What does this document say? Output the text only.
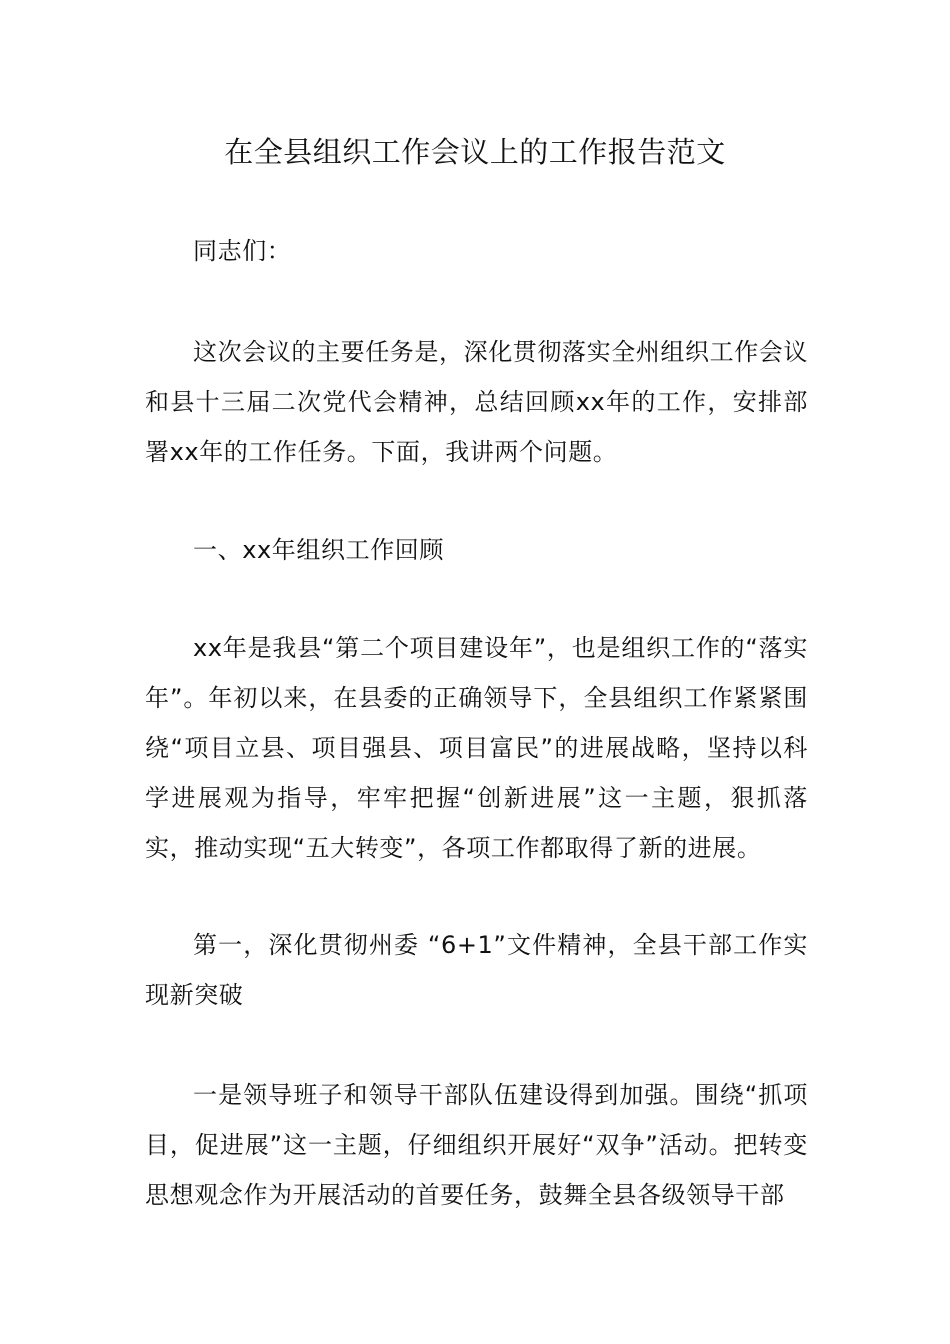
在全县组织工作会议上的工作报告范文

同志们：

这次会议的主要任务是，深化贯彻落实全州组织工作会议和县十三届二次党代会精神，总结回顾xx年的工作，安排部署xx年的工作任务。下面，我讲两个问题。

一、xx年组织工作回顾

xx年是我县“第二个项目建设年”，也是组织工作的“落实年”。年初以来，在县委的正确领导下，全县组织工作紧紧围绕“项目立县、项目强县、项目富民”的进展战略，坚持以科学进展观为指导，牢牢把握“创新进展”这一主题，狠抓落实，推动实现“五大转变”，各项工作都取得了新的进展。

第一，深化贯彻州委 “6+1”文件精神，全县干部工作实现新突破

一是领导班子和领导干部队伍建设得到加强。围绕“抓项目，促进展”这一主题，仔细组织开展好“双争”活动。把转变思想观念作为开展活动的首要任务，鼓舞全县各级领导干部
